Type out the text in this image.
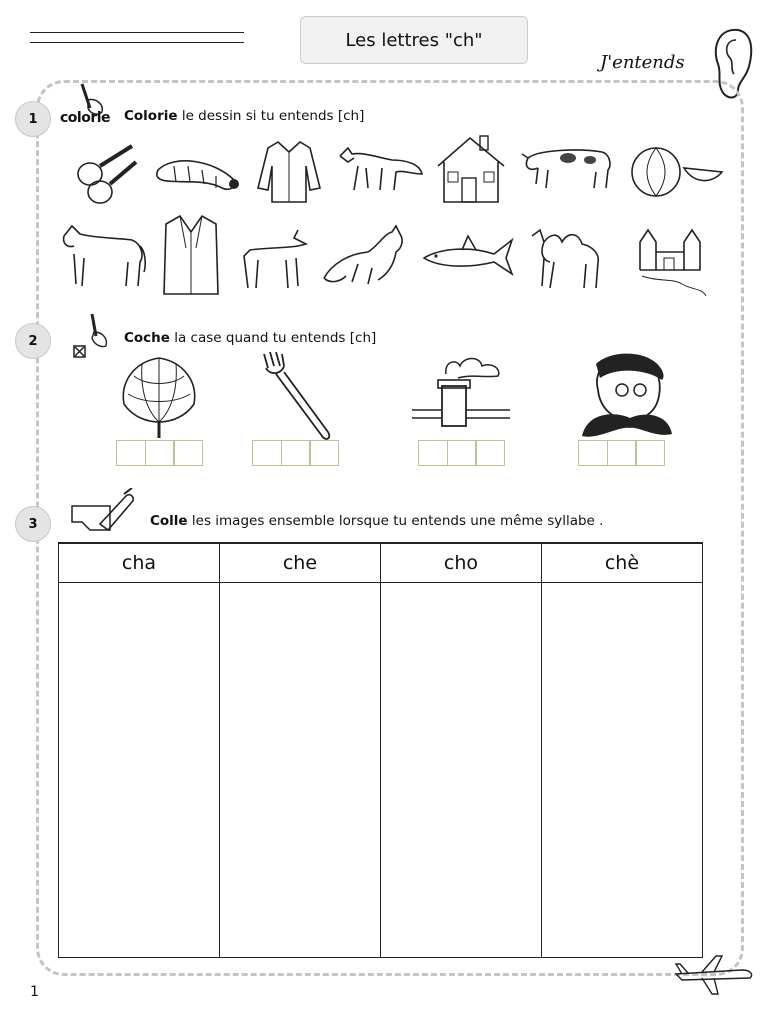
Les lettres "ch"
J'entends
1	colorie Colorie le dessin si tu entends [ch]
2	Coche la case quand tu entends [ch]
3	Colle les images ensemble lorsque tu entends une même syllabe .
cha	che	cho	chè

1
